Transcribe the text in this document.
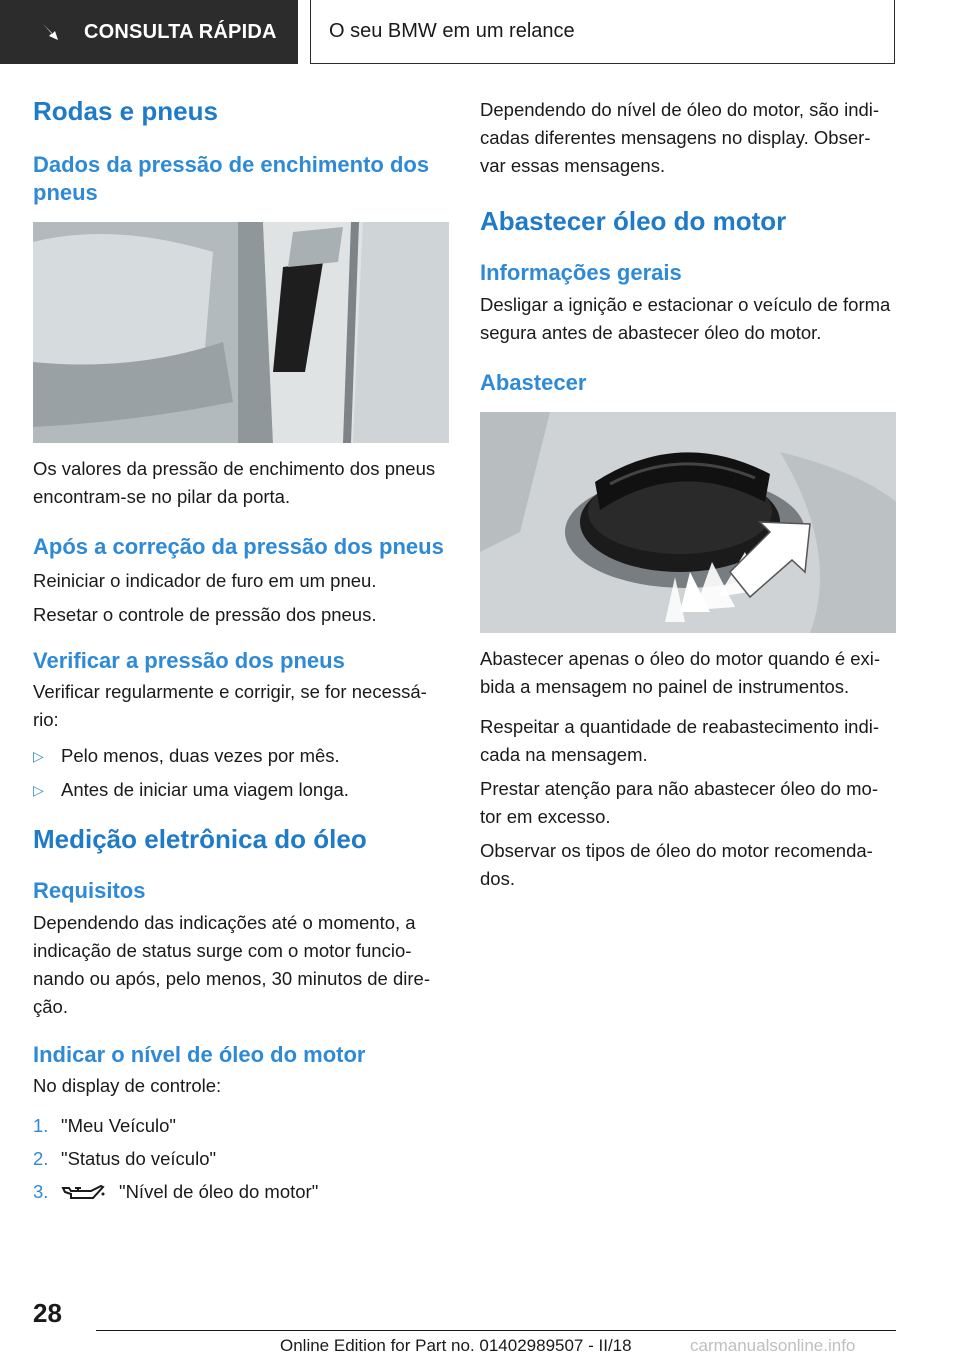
CONSULTA RÁPIDA	O seu BMW em um relance
Rodas e pneus
Dados da pressão de enchimento dos pneus

Os valores da pressão de enchimento dos pneus encontram-se no pilar da porta.

Após a correção da pressão dos pneus

Reiniciar o indicador de furo em um pneu.

Resetar o controle de pressão dos pneus.

Verificar a pressão dos pneus

Verificar regularmente e corrigir, se for necessá-rio:

▷ Pelo menos, duas vezes por mês.
▷ Antes de iniciar uma viagem longa.
Medição eletrônica do óleo
Requisitos

Dependendo das indicações até o momento, a indicação de status surge com o motor funcio-nando ou após, pelo menos, 30 minutos de dire-ção.

Indicar o nível de óleo do motor

No display de controle:

1. "Meu Veículo"
2. "Status do veículo"
3.	"Nível de óleo do motor"

Dependendo do nível de óleo do motor, são indi-cadas diferentes mensagens no display. Obser-var essas mensagens.

Abastecer óleo do motor
Informações gerais

Desligar a ignição e estacionar o veículo de forma segura antes de abastecer óleo do motor.

Abastecer

Abastecer apenas o óleo do motor quando é exi-bida a mensagem no painel de instrumentos.

Respeitar a quantidade de reabastecimento indi-cada na mensagem.

Prestar atenção para não abastecer óleo do mo-tor em excesso.

Observar os tipos de óleo do motor recomenda-dos.

28
Online Edition for Part no. 01402989507 - II/18	carmanualsonline.info
